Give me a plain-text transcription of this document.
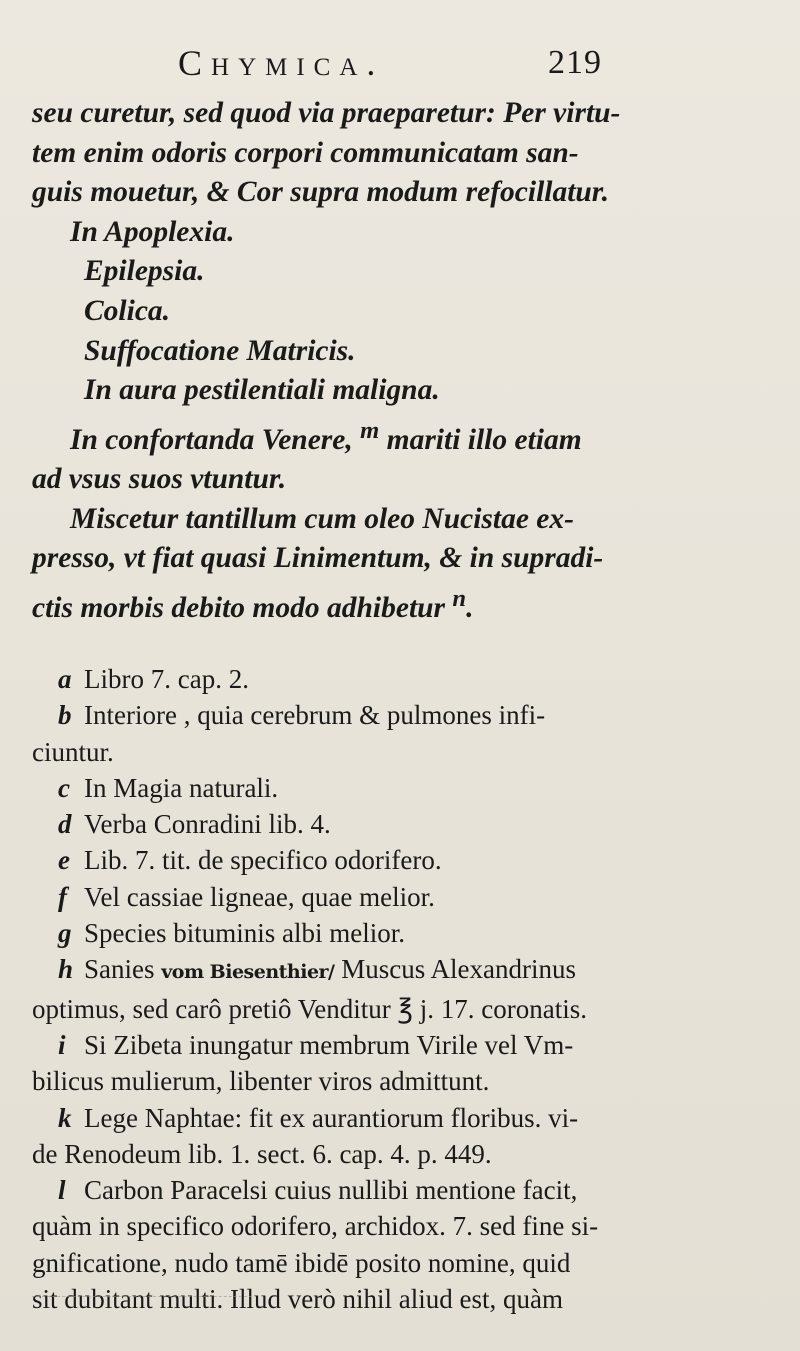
Chymica.	219
seu curetur, sed quod via praeparetur: Per virtu-
tem enim odoris corpori communicatam san-
guis mouetur, & Cor supra modum refocillatur.
In Apoplexia.
Epilepsia.
Colica.
Suffocatione Matricis.
In aura pestilentiali maligna.
In confortanda Venere, $^m$ mariti illo etiam
ad vsus suos vtuntur.
Miscetur tantillum cum oleo Nucistae ex-
presso, vt fiat quasi Linimentum, & in supradi-
ctis morbis debito modo adhibetur $^n$.
a Libro 7. cap. 2.
b Interiore , quia cerebrum & pulmones infi-
ciuntur.
c In Magia naturali.
d Verba Conradini lib. 4.
e Lib. 7. tit. de specifico odorifero.
f Vel cassiae ligneae, quae melior.
g Species bituminis albi melior.
h Sanies vom Biesenthier/ Muscus Alexandrinus
optimus, sed carô pretiô Venditur ℥ j. 17. coronatis.
i Si Zibeta inungatur membrum Virile vel Vm-
bilicus mulierum, libenter viros admittunt.
k Lege Naphtae: fit ex aurantiorum floribus. vi-
de Renodeum lib. 1. sect. 6. cap. 4. p. 449.
l Carbon Paracelsi cuius nullibi mentione facit,
quàm in specifico odorifero, archidox. 7. sed fine si-
gnificatione, nudo tamē ibidē posito nomine, quid
sit dubitant multi. Illud verò nihil aliud est, quàm
